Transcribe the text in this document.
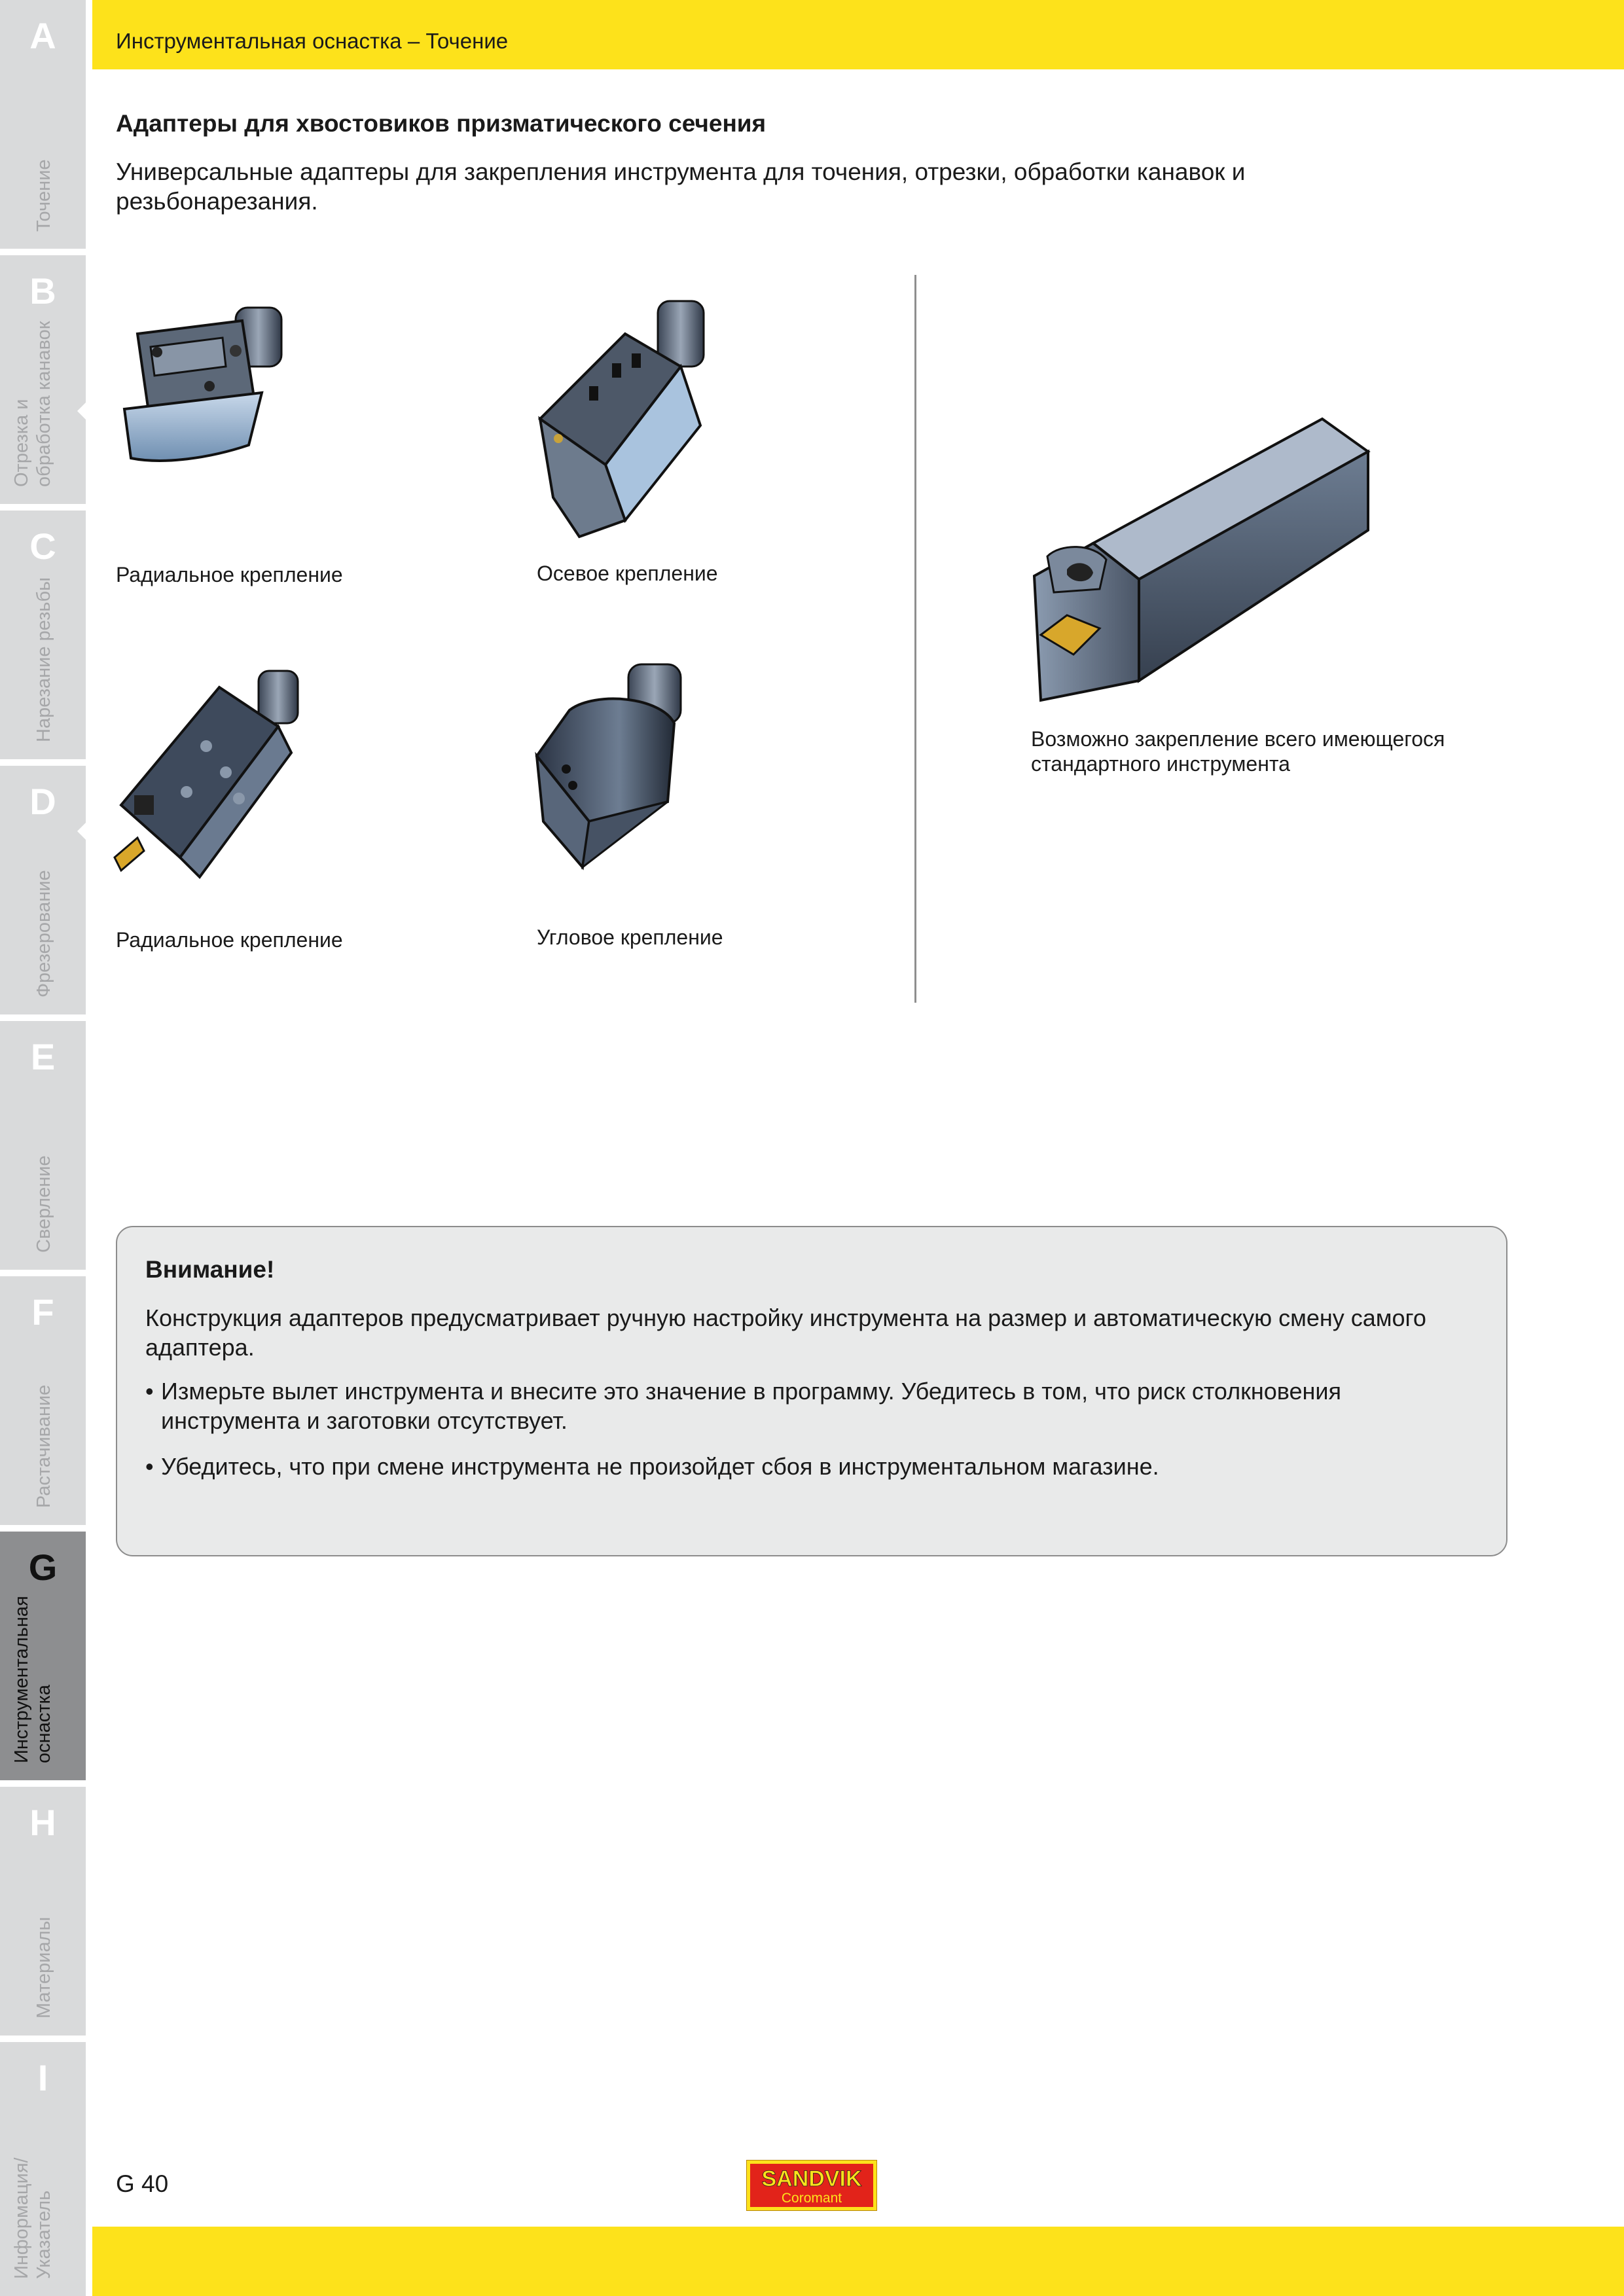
A
Точение
B
Отрезка и
обработка канавок
C
Нарезание резьбы
D
Фрезерование
E
Сверление
F
Растачивание
G
Инструментальная
оснастка
H
Материалы
I
Информация/
Указатель
Инструментальная оснастка – Точение
Адаптеры для хвостовиков призматического сечения
Универсальные адаптеры для закрепления инструмента для точения, отрезки, обработки канавок и резьбонарезания.
Радиальное крепление	Осевое крепление
Радиальное крепление	Угловое крепление
Возможно закрепление всего имеющегося стандартного инструмента
Внимание!
Конструкция адаптеров предусматривает ручную настройку инструмента на размер и автоматическую смену самого адаптера.
• Измерьте вылет инструмента и внесите это значение в программу. Убедитесь в том, что риск столкновения инструмента и заготовки отсутствует.
• Убедитесь, что при смене инструмента не произойдет сбоя в инструментальном магазине.
G 40	SANDVIK
Coromant
